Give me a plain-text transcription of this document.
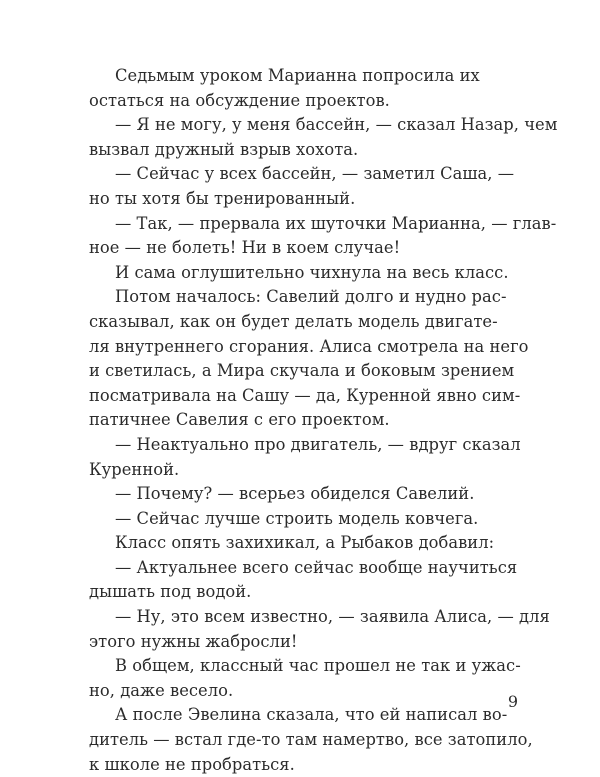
Седьмым уроком Марианна попросила их
остаться на обсуждение проектов.
— Я не могу, у меня бассейн, — сказал Назар, чем
вызвал дружный взрыв хохота.
— Сейчас у всех бассейн, — заметил Саша, —
но ты хотя бы тренированный.
— Так, — прервала их шуточки Марианна, — глав-
ное — не болеть! Ни в коем случае!
И сама оглушительно чихнула на весь класс.
Потом началось: Савелий долго и нудно рас-
сказывал, как он будет делать модель двигате-
ля внутреннего сгорания. Алиса смотрела на него
и светилась, а Мира скучала и боковым зрением
посматривала на Сашу — да, Куренной явно сим-
патичнее Савелия с его проектом.
— Неактуально про двигатель, — вдруг сказал
Куренной.
— Почему? — всерьез обиделся Савелий.
— Сейчас лучше строить модель ковчега.
Класс опять захихикал, а Рыбаков добавил:
— Актуальнее всего сейчас вообще научиться
дышать под водой.
— Ну, это всем известно, — заявила Алиса, — для
этого нужны жабросли!
В общем, классный час прошел не так и ужас-
но, даже весело.
А после Эвелина сказала, что ей написал во-
дитель — встал где-то там намертво, все затопило,
к школе не пробраться.
9
